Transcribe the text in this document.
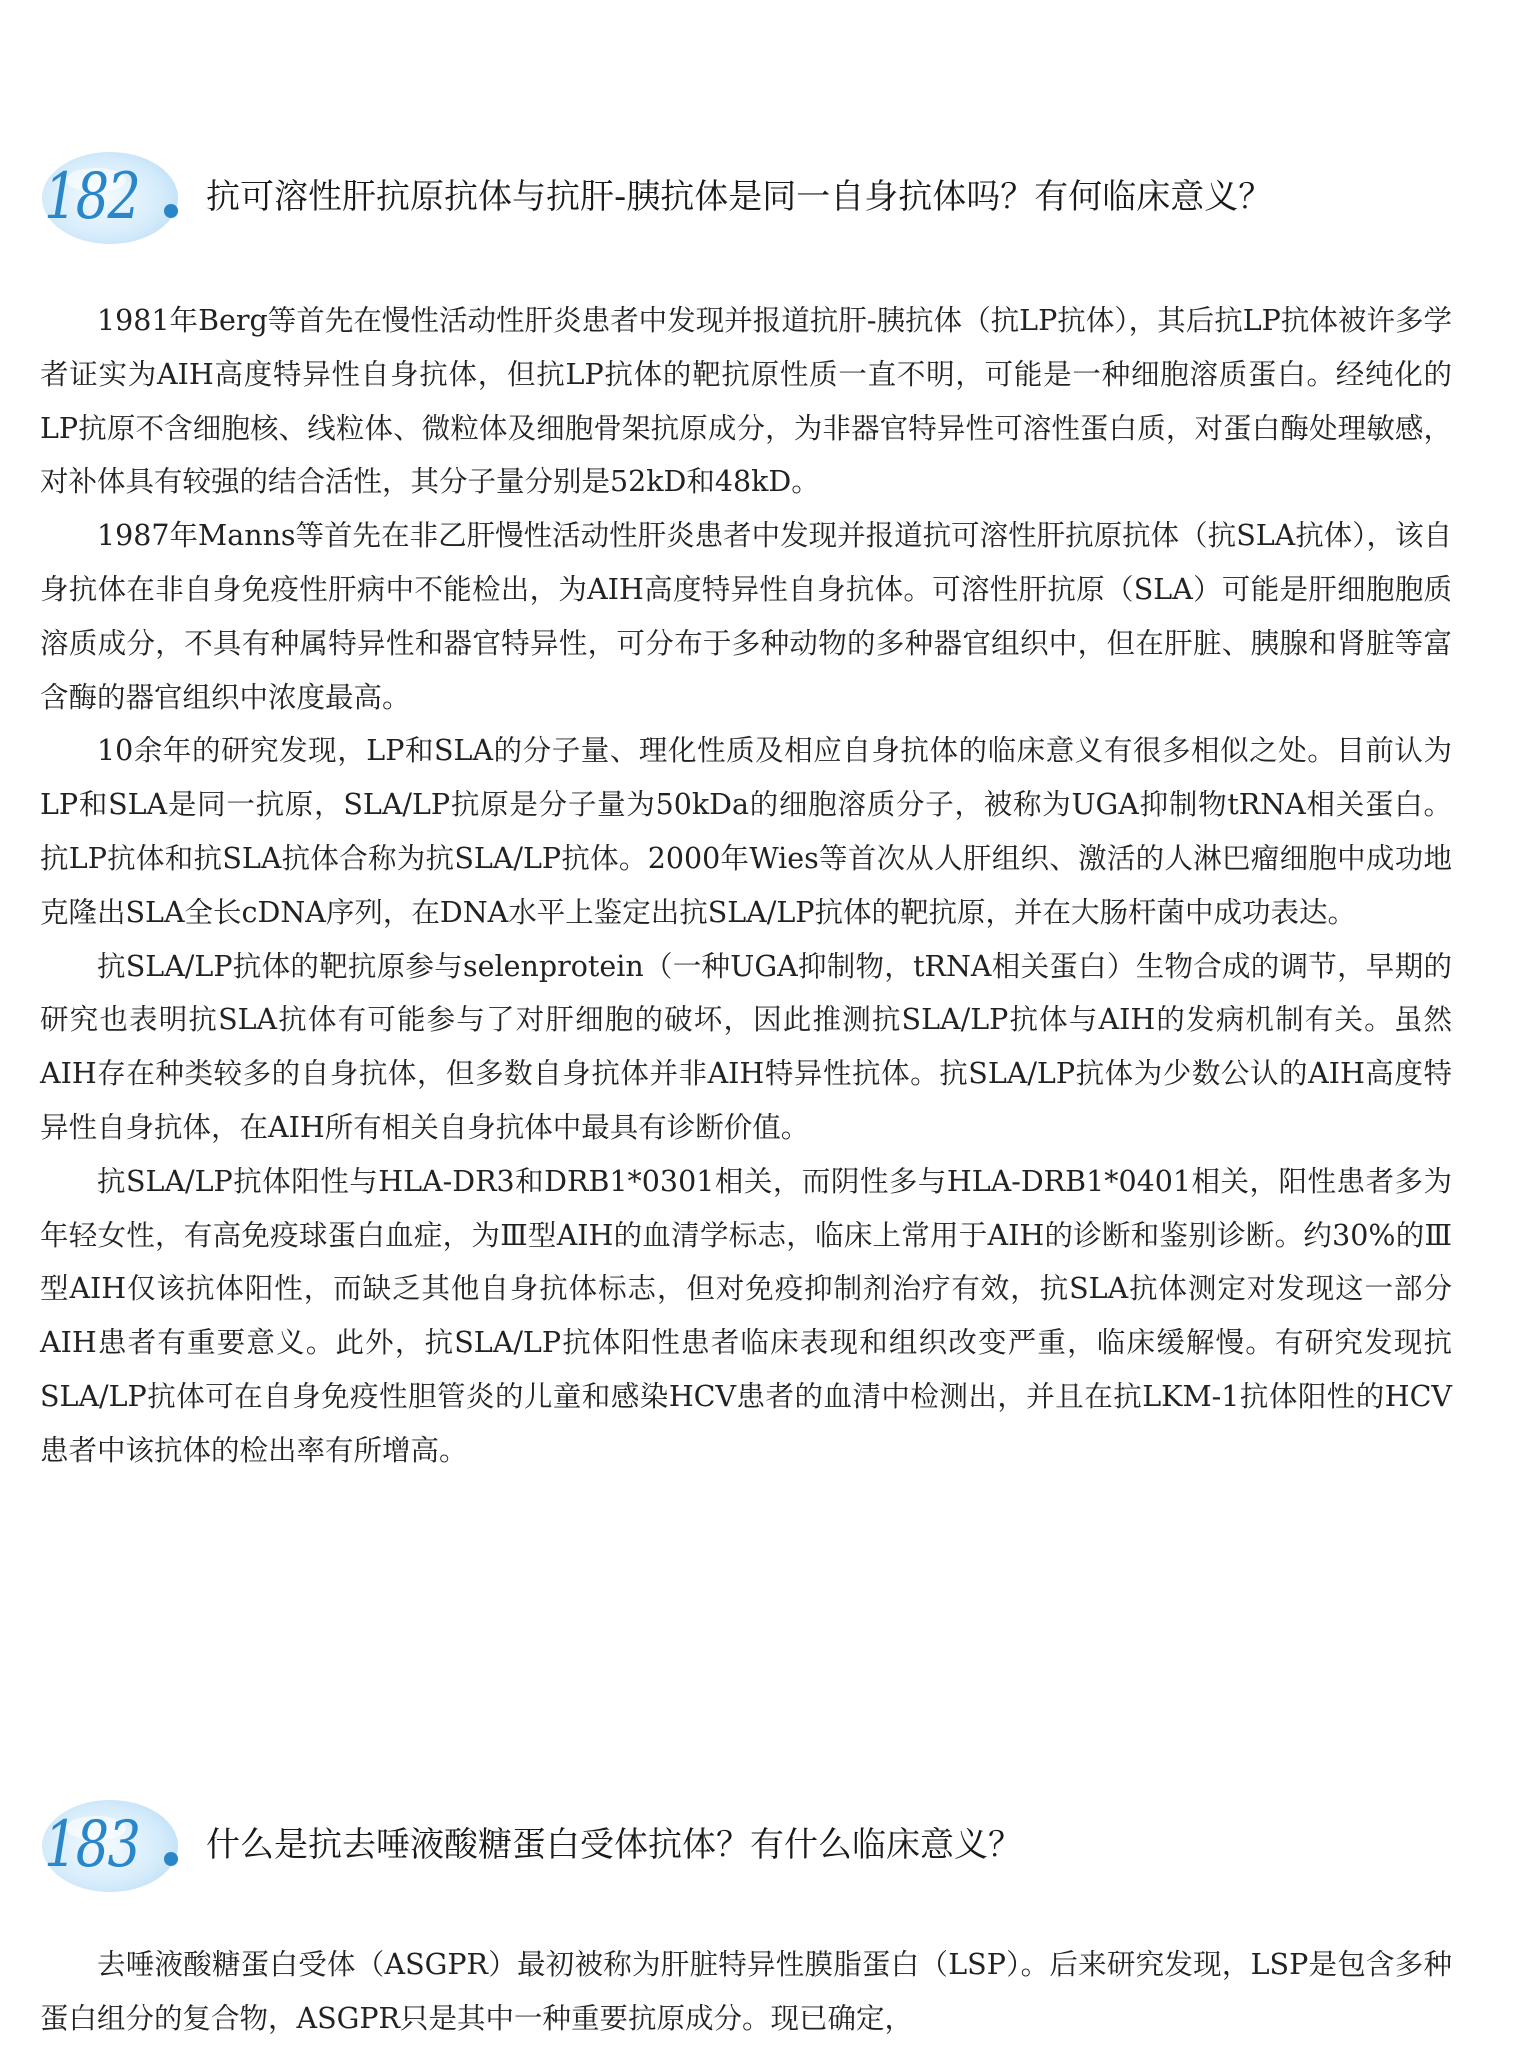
182	抗可溶性肝抗原抗体与抗肝-胰抗体是同一自身抗体吗？有何临床意义？

1981年Berg等首先在慢性活动性肝炎患者中发现并报道抗肝-胰抗体（抗LP抗体），其后抗LP抗体被许多学者证实为AIH高度特异性自身抗体，但抗LP抗体的靶抗原性质一直不明，可能是一种细胞溶质蛋白。经纯化的LP抗原不含细胞核、线粒体、微粒体及细胞骨架抗原成分，为非器官特异性可溶性蛋白质，对蛋白酶处理敏感，对补体具有较强的结合活性，其分子量分别是52kD和48kD。

1987年Manns等首先在非乙肝慢性活动性肝炎患者中发现并报道抗可溶性肝抗原抗体（抗SLA抗体），该自身抗体在非自身免疫性肝病中不能检出，为AIH高度特异性自身抗体。可溶性肝抗原（SLA）可能是肝细胞胞质溶质成分，不具有种属特异性和器官特异性，可分布于多种动物的多种器官组织中，但在肝脏、胰腺和肾脏等富含酶的器官组织中浓度最高。

10余年的研究发现，LP和SLA的分子量、理化性质及相应自身抗体的临床意义有很多相似之处。目前认为LP和SLA是同一抗原，SLA/LP抗原是分子量为50kDa的细胞溶质分子，被称为UGA抑制物tRNA相关蛋白。抗LP抗体和抗SLA抗体合称为抗SLA/LP抗体。2000年Wies等首次从人肝组织、激活的人淋巴瘤细胞中成功地克隆出SLA全长cDNA序列，在DNA水平上鉴定出抗SLA/LP抗体的靶抗原，并在大肠杆菌中成功表达。

抗SLA/LP抗体的靶抗原参与selenprotein（一种UGA抑制物，tRNA相关蛋白）生物合成的调节，早期的研究也表明抗SLA抗体有可能参与了对肝细胞的破坏，因此推测抗SLA/LP抗体与AIH的发病机制有关。虽然AIH存在种类较多的自身抗体，但多数自身抗体并非AIH特异性抗体。抗SLA/LP抗体为少数公认的AIH高度特异性自身抗体，在AIH所有相关自身抗体中最具有诊断价值。

抗SLA/LP抗体阳性与HLA-DR3和DRB1*0301相关，而阴性多与HLA-DRB1*0401相关，阳性患者多为年轻女性，有高免疫球蛋白血症，为Ⅲ型AIH的血清学标志，临床上常用于AIH的诊断和鉴别诊断。约30%的Ⅲ型AIH仅该抗体阳性，而缺乏其他自身抗体标志，但对免疫抑制剂治疗有效，抗SLA抗体测定对发现这一部分AIH患者有重要意义。此外，抗SLA/LP抗体阳性患者临床表现和组织改变严重，临床缓解慢。有研究发现抗SLA/LP抗体可在自身免疫性胆管炎的儿童和感染HCV患者的血清中检测出，并且在抗LKM-1抗体阳性的HCV患者中该抗体的检出率有所增高。

183	什么是抗去唾液酸糖蛋白受体抗体？有什么临床意义？

去唾液酸糖蛋白受体（ASGPR）最初被称为肝脏特异性膜脂蛋白（LSP）。后来研究发现，LSP是包含多种蛋白组分的复合物，ASGPR只是其中一种重要抗原成分。现已确定，
